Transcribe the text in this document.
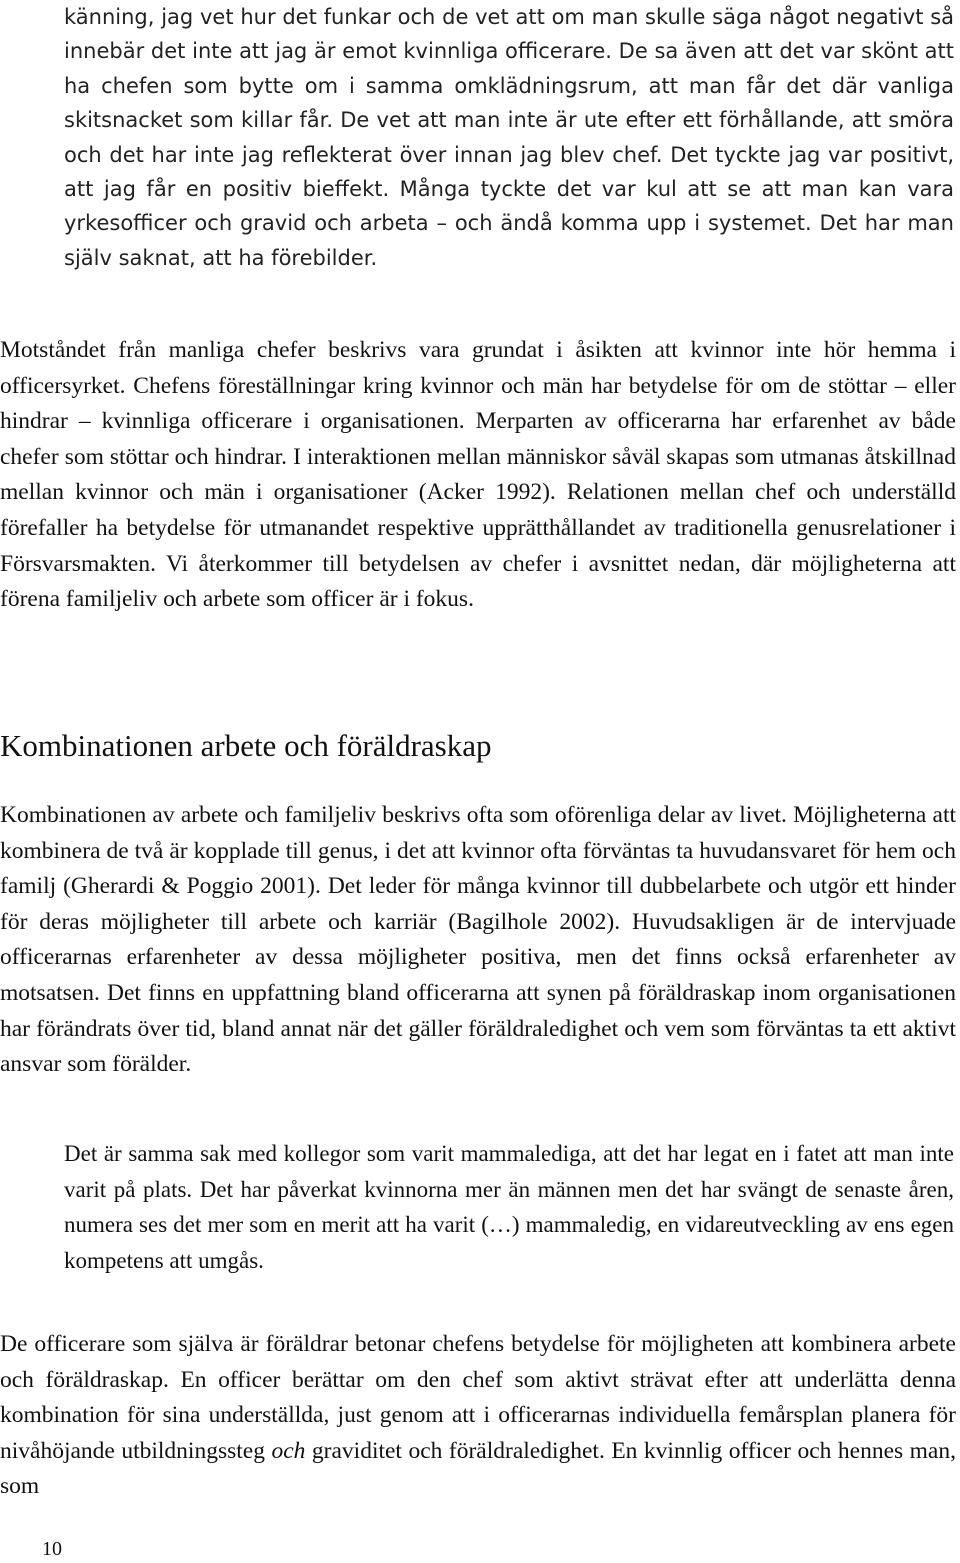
känning, jag vet hur det funkar och de vet att om man skulle säga något negativt så innebär det inte att jag är emot kvinnliga officerare. De sa även att det var skönt att ha chefen som bytte om i samma omklädningsrum, att man får det där vanliga skitsnacket som killar får. De vet att man inte är ute efter ett förhållande, att smöra och det har inte jag reflekterat över innan jag blev chef. Det tyckte jag var positivt, att jag får en positiv bieffekt. Många tyckte det var kul att se att man kan vara yrkesofficer och gravid och arbeta – och ändå komma upp i systemet. Det har man själv saknat, att ha förebilder.

Motståndet från manliga chefer beskrivs vara grundat i åsikten att kvinnor inte hör hemma i officersyrket. Chefens föreställningar kring kvinnor och män har betydelse för om de stöttar – eller hindrar – kvinnliga officerare i organisationen. Merparten av officerarna har erfarenhet av både chefer som stöttar och hindrar. I interaktionen mellan människor såväl skapas som utmanas åtskillnad mellan kvinnor och män i organisationer (Acker 1992). Relationen mellan chef och underställd förefaller ha betydelse för utmanandet respektive upprätthållandet av traditionella genusrelationer i Försvarsmakten. Vi återkommer till betydelsen av chefer i avsnittet nedan, där möjligheterna att förena familjeliv och arbete som officer är i fokus.

Kombinationen arbete och föräldraskap

Kombinationen av arbete och familjeliv beskrivs ofta som oförenliga delar av livet. Möjligheterna att kombinera de två är kopplade till genus, i det att kvinnor ofta förväntas ta huvudansvaret för hem och familj (Gherardi & Poggio 2001). Det leder för många kvinnor till dubbelarbete och utgör ett hinder för deras möjligheter till arbete och karriär (Bagilhole 2002). Huvudsakligen är de intervjuade officerarnas erfarenheter av dessa möjligheter positiva, men det finns också erfarenheter av motsatsen. Det finns en uppfattning bland officerarna att synen på föräldraskap inom organisationen har förändrats över tid, bland annat när det gäller föräldraledighet och vem som förväntas ta ett aktivt ansvar som förälder.

Det är samma sak med kollegor som varit mammalediga, att det har legat en i fatet att man inte varit på plats. Det har påverkat kvinnorna mer än männen men det har svängt de senaste åren, numera ses det mer som en merit att ha varit (…) mammaledig, en vidareutveckling av ens egen kompetens att umgås.

De officerare som själva är föräldrar betonar chefens betydelse för möjligheten att kombinera arbete och föräldraskap. En officer berättar om den chef som aktivt strävat efter att underlätta denna kombination för sina underställda, just genom att i officerarnas individuella femårsplan planera för nivåhöjande utbildningssteg och graviditet och föräldraledighet. En kvinnlig officer och hennes man, som

10
